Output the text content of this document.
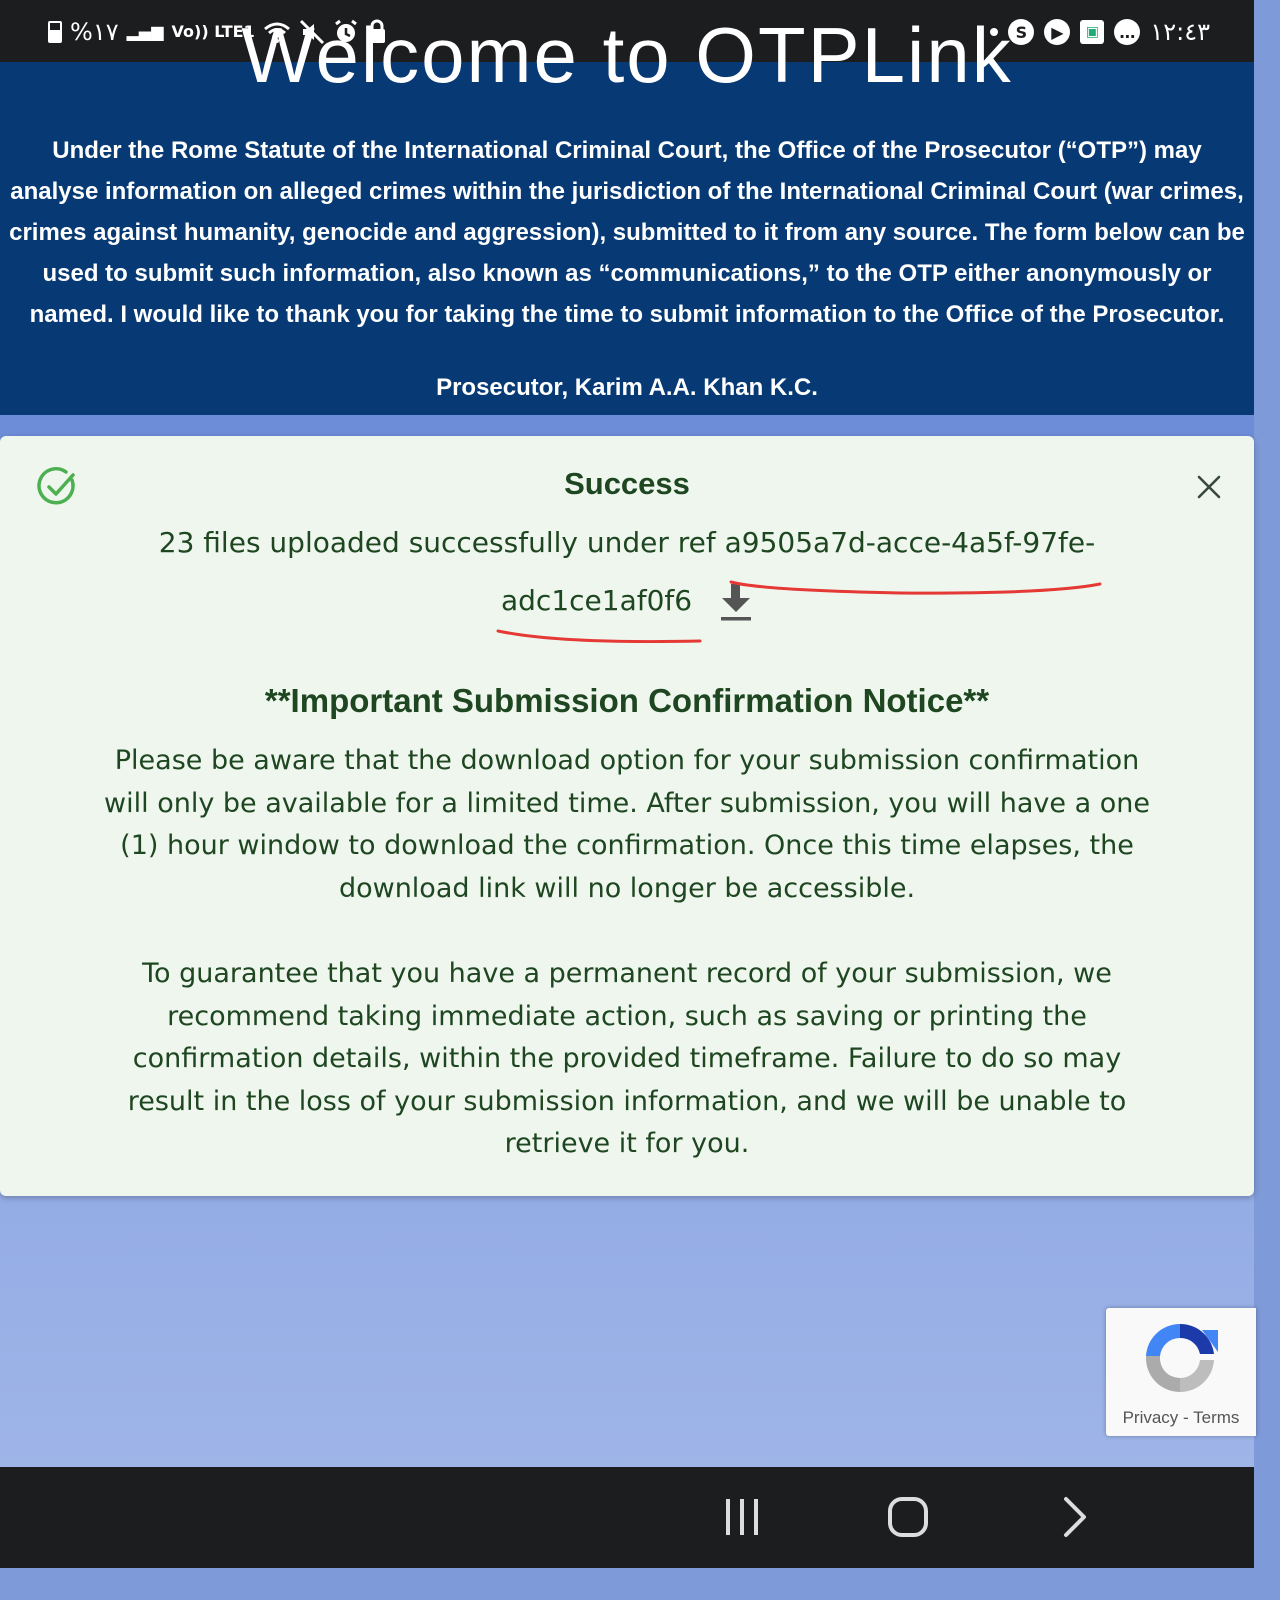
%١٧ ▂▄▆ Vo)) LTE1	S	▶	▣	… ١٢:٤٣
Welcome to OTPLink
Under the Rome Statute of the International Criminal Court, the Office of the Prosecutor (“OTP”) may analyse information on alleged crimes within the jurisdiction of the International Criminal Court (war crimes, crimes against humanity, genocide and aggression), submitted to it from any source. The form below can be used to submit such information, also known as “communications,” to the OTP either anonymously or named. I would like to thank you for taking the time to submit information to the Office of the Prosecutor.
Prosecutor, Karim A.A. Khan K.C.
Success
23 files uploaded successfully under ref a9505a7d-acce-4a5f-97fe-
adc1ce1af0f6
**Important Submission Confirmation Notice**
Please be aware that the download option for your submission confirmation will only be available for a limited time. After submission, you will have a one (1) hour window to download the confirmation. Once this time elapses, the download link will no longer be accessible.
To guarantee that you have a permanent record of your submission, we recommend taking immediate action, such as saving or printing the confirmation details, within the provided timeframe. Failure to do so may result in the loss of your submission information, and we will be unable to retrieve it for you.
Privacy - Terms
